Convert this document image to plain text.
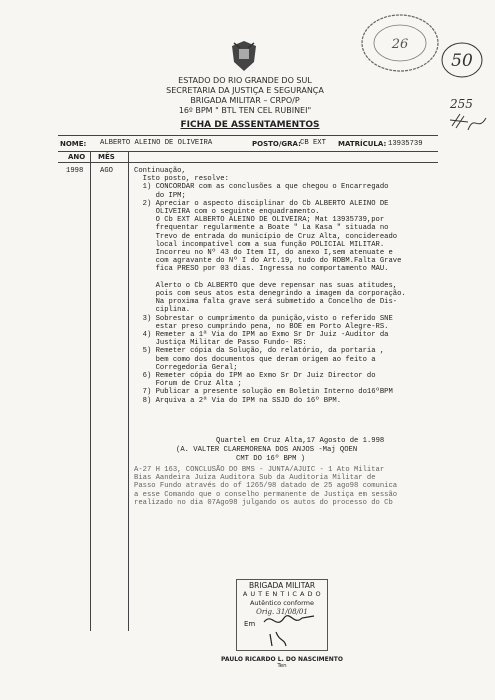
26
50
255
ESTADO DO RIO GRANDE DO SUL
SECRETARIA DA JUSTIÇA E SEGURANÇA
BRIGADA MILITAR – CRPO/P
16º BPM " BTL TEN CEL RUBINEI"
FICHA DE ASSENTAMENTOS
NOME: ALBERTO ALEINO DE OLIVEIRA	POSTO/GRA: CB EXT MATRÍCULA: 13935739
ANO MÊS
1998 AGO	Continuação,
Isto posto, resolve:
1) CONCORDAR com as conclusões a que chegou o Encarregado
do IPM;
2) Apreciar o aspecto disciplinar do Cb ALBERTO ALEINO DE
OLIVEIRA com o seguinte enquadramento.
O Cb EXT ALBERTO ALEINO DE OLIVEIRA; Mat 13935739,por
frequentar regularmente a Boate " La Kasa " situada no
Trevo de entrada do município de Cruz Alta, concidereado
local incompatível com a sua função POLICIAL MILITAR.
Incorreu no Nº 43 do Item II, do anexo I,sem atenuate e
com agravante do Nº I do Art.19, tudo do RDBM.Falta Grave
fica PRESO por 03 dias. Ingressa no comportamento MAU.

Alerto o Cb ALBERTO que deve repensar nas suas atitudes,
pois com seus atos esta denegrindo a imagem da corporação.
Na proxima falta grave será submetido a Concelho de Dis-
ciplina.
3) Sobrestar o cumprimento da punição,visto o referido SNE
estar preso cumprindo pena, no BOE em Porto Alegre-RS.
4) Remeter a 1ª Via do IPM ao Exmo Sr Dr Juiz -Auditor da
Justiça Militar de Passo Fundo- RS:
5) Remeter cópia da Solução, do relatório, da portaria ,
bem como dos documentos que deram origem ao feito a
Corregedoria Geral;
6) Remeter cópia do IPM ao Exmo Sr Dr Juiz Director do
Forum de Cruz Alta ;
7) Publicar a presente solução em Boletin Interno do16ºBPM
8) Arquiva a 2ª Via do IPM na SSJD do 16º BPM.
Quartel em Cruz Alta,17 Agosto de 1.998
(A. VALTER CLAREMORENA DOS ANJOS -Maj QOEN
CMT DO 16º BPM )
A-27 H 163, CONCLUSÃO DO BMS - JUNTA/AJUIC - 1 Ato Militar
Bias Aandeira Juíza Auditora Sub da Auditoria Militar de
Passo Fundo através do of 1265/98 datado de 25 ago98 comunica
a esse Comando que o conselho permanente de Justiça em sessão
realizado no dia 07Ago98 julgando os autos do processo do Cb
BRIGADA MILITAR
A U T E N T I C A D O
Autêntico conforme
Orig. 31/08/01
Em
PAULO RICARDO L. DO NASCIMENTO
Ten
